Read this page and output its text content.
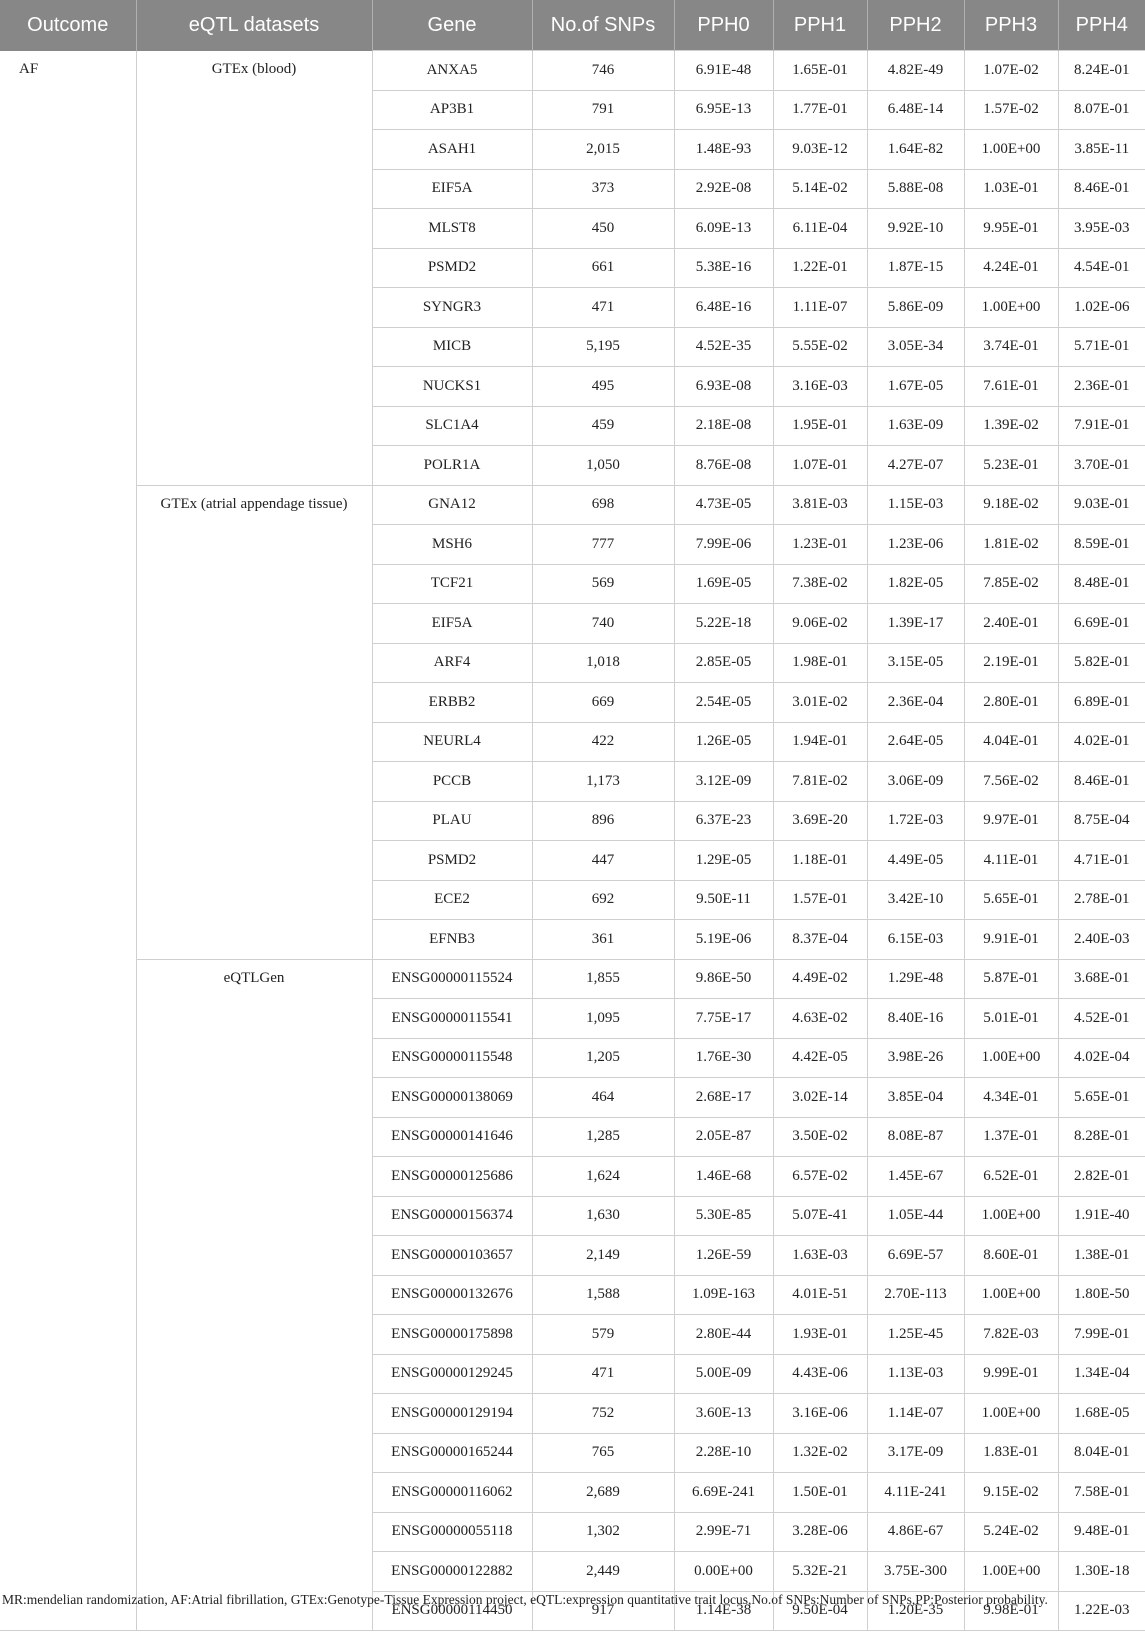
Outcome	eQTL datasets	Gene	No.of SNPs	PPH0	PPH1	PPH2	PPH3	PPH4
AF	GTEx (blood)	ANXA5	746	6.91E-48	1.65E-01	4.82E-49	1.07E-02	8.24E-01
		AP3B1	791	6.95E-13	1.77E-01	6.48E-14	1.57E-02	8.07E-01
		ASAH1	2,015	1.48E-93	9.03E-12	1.64E-82	1.00E+00	3.85E-11
		EIF5A	373	2.92E-08	5.14E-02	5.88E-08	1.03E-01	8.46E-01
		MLST8	450	6.09E-13	6.11E-04	9.92E-10	9.95E-01	3.95E-03
		PSMD2	661	5.38E-16	1.22E-01	1.87E-15	4.24E-01	4.54E-01
		SYNGR3	471	6.48E-16	1.11E-07	5.86E-09	1.00E+00	1.02E-06
		MICB	5,195	4.52E-35	5.55E-02	3.05E-34	3.74E-01	5.71E-01
		NUCKS1	495	6.93E-08	3.16E-03	1.67E-05	7.61E-01	2.36E-01
		SLC1A4	459	2.18E-08	1.95E-01	1.63E-09	1.39E-02	7.91E-01
		POLR1A	1,050	8.76E-08	1.07E-01	4.27E-07	5.23E-01	3.70E-01
	GTEx (atrial appendage tissue)	GNA12	698	4.73E-05	3.81E-03	1.15E-03	9.18E-02	9.03E-01
		MSH6	777	7.99E-06	1.23E-01	1.23E-06	1.81E-02	8.59E-01
		TCF21	569	1.69E-05	7.38E-02	1.82E-05	7.85E-02	8.48E-01
		EIF5A	740	5.22E-18	9.06E-02	1.39E-17	2.40E-01	6.69E-01
		ARF4	1,018	2.85E-05	1.98E-01	3.15E-05	2.19E-01	5.82E-01
		ERBB2	669	2.54E-05	3.01E-02	2.36E-04	2.80E-01	6.89E-01
		NEURL4	422	1.26E-05	1.94E-01	2.64E-05	4.04E-01	4.02E-01
		PCCB	1,173	3.12E-09	7.81E-02	3.06E-09	7.56E-02	8.46E-01
		PLAU	896	6.37E-23	3.69E-20	1.72E-03	9.97E-01	8.75E-04
		PSMD2	447	1.29E-05	1.18E-01	4.49E-05	4.11E-01	4.71E-01
		ECE2	692	9.50E-11	1.57E-01	3.42E-10	5.65E-01	2.78E-01
		EFNB3	361	5.19E-06	8.37E-04	6.15E-03	9.91E-01	2.40E-03
	eQTLGen	ENSG00000115524	1,855	9.86E-50	4.49E-02	1.29E-48	5.87E-01	3.68E-01
		ENSG00000115541	1,095	7.75E-17	4.63E-02	8.40E-16	5.01E-01	4.52E-01
		ENSG00000115548	1,205	1.76E-30	4.42E-05	3.98E-26	1.00E+00	4.02E-04
		ENSG00000138069	464	2.68E-17	3.02E-14	3.85E-04	4.34E-01	5.65E-01
		ENSG00000141646	1,285	2.05E-87	3.50E-02	8.08E-87	1.37E-01	8.28E-01
		ENSG00000125686	1,624	1.46E-68	6.57E-02	1.45E-67	6.52E-01	2.82E-01
		ENSG00000156374	1,630	5.30E-85	5.07E-41	1.05E-44	1.00E+00	1.91E-40
		ENSG00000103657	2,149	1.26E-59	1.63E-03	6.69E-57	8.60E-01	1.38E-01
		ENSG00000132676	1,588	1.09E-163	4.01E-51	2.70E-113	1.00E+00	1.80E-50
		ENSG00000175898	579	2.80E-44	1.93E-01	1.25E-45	7.82E-03	7.99E-01
		ENSG00000129245	471	5.00E-09	4.43E-06	1.13E-03	9.99E-01	1.34E-04
		ENSG00000129194	752	3.60E-13	3.16E-06	1.14E-07	1.00E+00	1.68E-05
		ENSG00000165244	765	2.28E-10	1.32E-02	3.17E-09	1.83E-01	8.04E-01
		ENSG00000116062	2,689	6.69E-241	1.50E-01	4.11E-241	9.15E-02	7.58E-01
		ENSG00000055118	1,302	2.99E-71	3.28E-06	4.86E-67	5.24E-02	9.48E-01
		ENSG00000122882	2,449	0.00E+00	5.32E-21	3.75E-300	1.00E+00	1.30E-18
		ENSG00000114450	917	1.14E-38	9.50E-04	1.20E-35	9.98E-01	1.22E-03

MR:mendelian randomization, AF:Atrial fibrillation, GTEx:Genotype-Tissue Expression project, eQTL:expression quantitative trait locus,No.of SNPs:Number of SNPs,PP:Posterior probability.
